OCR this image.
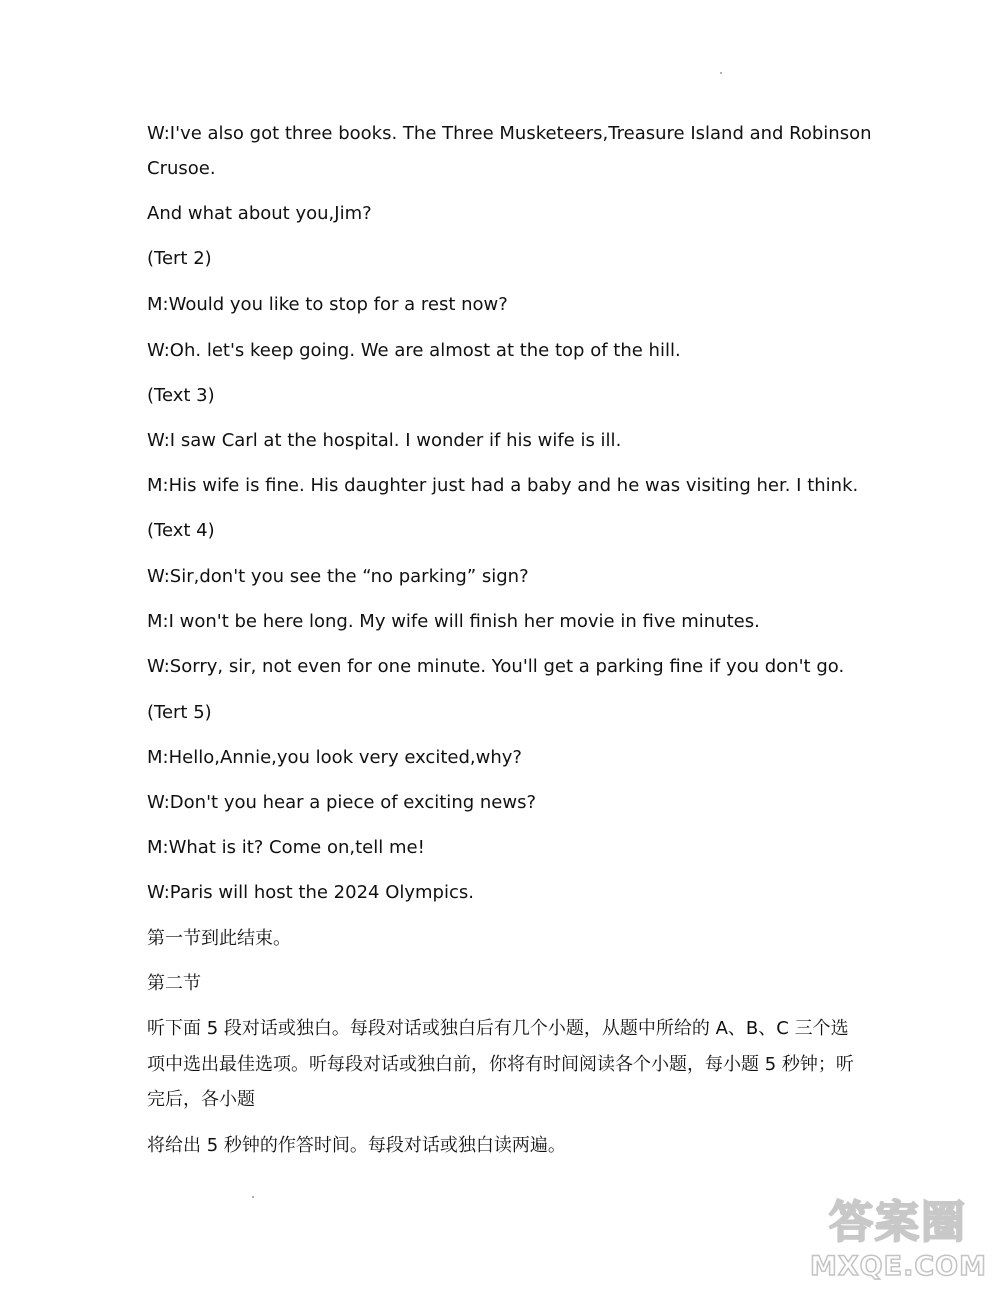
W:I've also got three books. The Three Musketeers,Treasure Island and Robinson
Crusoe.
And what about you,Jim?
(Tert 2)
M:Would you like to stop for a rest now?
W:Oh. let's keep going. We are almost at the top of the hill.
(Text 3)
W:I saw Carl at the hospital. I wonder if his wife is ill.
M:His wife is fine. His daughter just had a baby and he was visiting her. I think.
(Text 4)
W:Sir,don't you see the “no parking” sign?
M:I won't be here long. My wife will finish her movie in five minutes.
W:Sorry, sir, not even for one minute. You'll get a parking fine if you don't go.
(Tert 5)
M:Hello,Annie,you look very excited,why?
W:Don't you hear a piece of exciting news?
M:What is it? Come on,tell me!
W:Paris will host the 2024 Olympics.
第一节到此结束。
第二节
听下面 5 段对话或独白。每段对话或独白后有几个小题，从题中所给的 A、B、C 三个选
项中选出最佳选项。听每段对话或独白前，你将有时间阅读各个小题，每小题 5 秒钟；听
完后，各小题
将给出 5 秒钟的作答时间。每段对话或独白读两遍。
答案圈
MXQE.COM
